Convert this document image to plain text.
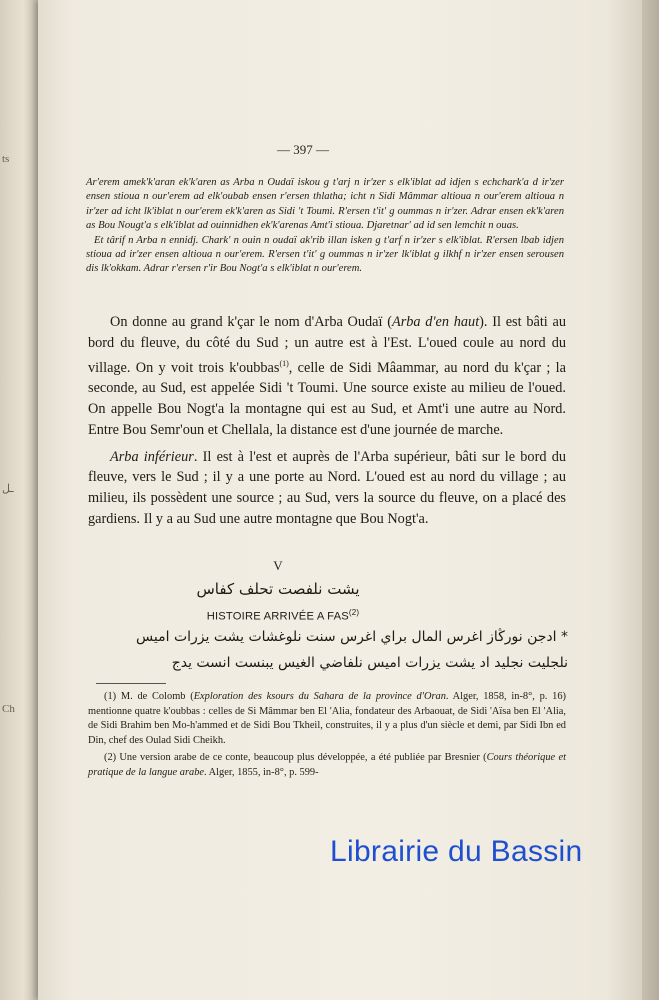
ts
ـل
Ch
— 397 —

Ar'erem amek'k'aran ek'k'aren as Arba n Oudaï iskou g t'arj n ir'zer s elk'iblat ad idjen s echchark'a d ir'zer ensen stioua n our'erem ad elk'oubab ensen r'ersen thlatha; icht n Sidi Mâmmar altioua n our'erem altioua n ir'zer ad icht lk'iblat n our'erem ek'k'aren as Sidi 't Toumi. R'ersen t'it' g oummas n ir'zer. Adrar ensen ek'k'aren as Bou Nougt'a s elk'iblat ad ouinnidhen ek'k'arenas Amt'i stioua. Djaretnar' ad id sen lemchit n ouas.

Et târif n Arba n ennidj. Chark' n ouin n oudaï ak'rib illan isken g t'arf n ir'zer s elk'iblat. R'ersen lbab idjen stioua ad ir'zer ensen altioua n our'erem. R'ersen t'it' g oummas n ir'zer lk'iblat g ilkhf n ir'zer ensen serousen dis lk'okkam. Adrar r'ersen r'ir Bou Nogt'a s elk'iblat n our'erem.

On donne au grand k'çar le nom d'Arba Oudaï (Arba d'en haut). Il est bâti au bord du fleuve, du côté du Sud ; un autre est à l'Est. L'oued coule au nord du village. On y voit trois k'oubbas$^{(1)}$, celle de Sidi Mâammar, au nord du k'çar ; la seconde, au Sud, est appelée Sidi 't Toumi. Une source existe au milieu de l'oued. On appelle Bou Nogt'a la montagne qui est au Sud, et Amt'i une autre au Nord. Entre Bou Semr'oun et Chellala, la distance est d'une journée de marche.

Arba inférieur. Il est à l'est et auprès de l'Arba supérieur, bâti sur le bord du fleuve, vers le Sud ; il y a une porte au Nord. L'oued est au nord du village ; au milieu, ils possèdent une source ; au Sud, vers la source du fleuve, on a placé des gardiens. Il y a au Sud une autre montagne que Bou Nogt'a.

V
يشت نلفصت تحلف كفاس
HISTOIRE ARRIVÉE A FAS$^{(2)}$
* ادجن نورڭاز اغرس المال براي اغرس سنت نلوغشات يشت يزرات اميس
نلجليت نجليد اد يشت يزرات اميس نلفاضي الغيس يبنست انست يدج

(1) M. de Colomb (Exploration des ksours du Sahara de la province d'Oran. Alger, 1858, in-8°, p. 16) mentionne quatre k'oubbas : celles de Si Mâmmar ben El 'Alia, fondateur des Arbaouat, de Sidi 'Aïsa ben El 'Alia, de Sidi Brahim ben Mo-h'ammed et de Sidi Bou Tkheil, construites, il y a plus d'un siècle et demi, par Sidi Ibn ed Din, chef des Oulad Sidi Cheikh.

(2) Une version arabe de ce conte, beaucoup plus développée, a été publiée par Bresnier (Cours théorique et pratique de la langue arabe. Alger, 1855, in-8°, p. 599-

Librairie du Bassin
